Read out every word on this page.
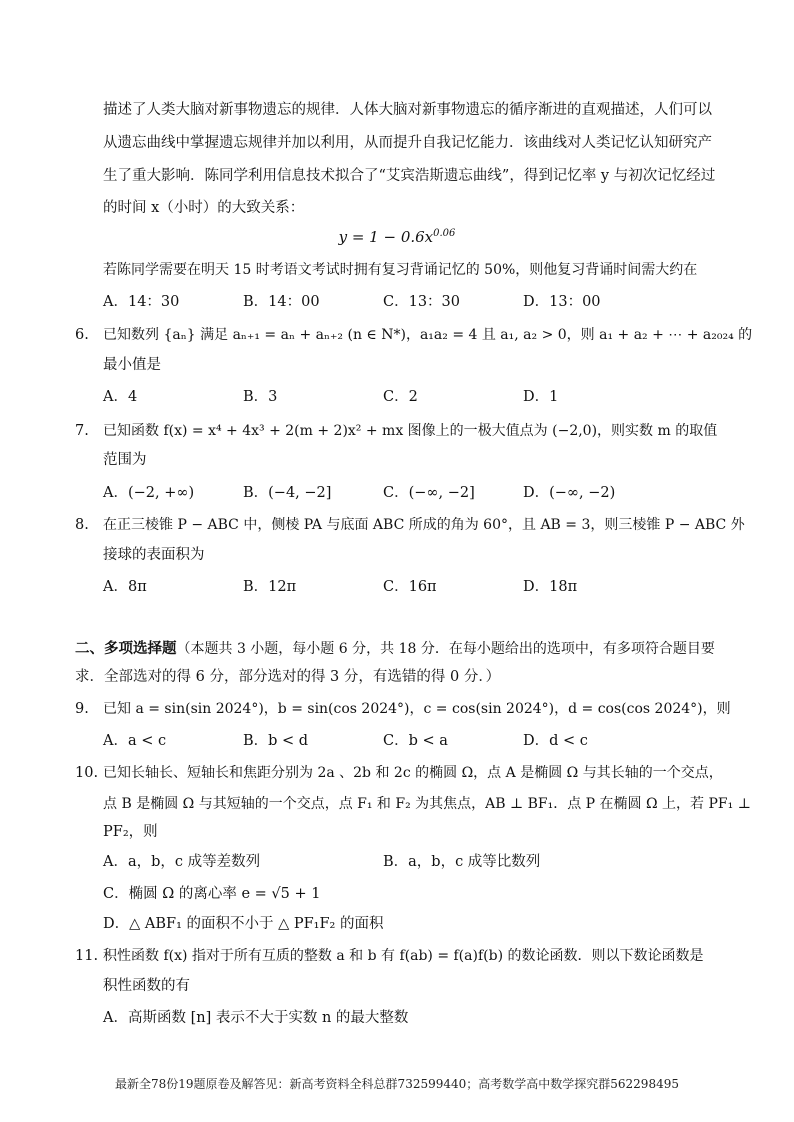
描述了人类大脑对新事物遗忘的规律．人体大脑对新事物遗忘的循序渐进的直观描述，人们可以
从遗忘曲线中掌握遗忘规律并加以利用，从而提升自我记忆能力．该曲线对人类记忆认知研究产
生了重大影响．陈同学利用信息技术拟合了“艾宾浩斯遗忘曲线”，得到记忆率 y 与初次记忆经过
的时间 x（小时）的大致关系：
$y = 1 - 0.6x^{0.06}$
若陈同学需要在明天 15 时考语文考试时拥有复习背诵记忆的 50%，则他复习背诵时间需大约在
A．14：30	B．14：00	C．13：30	D．13：00
6. 已知数列 {aₙ} 满足 aₙ₊₁ = aₙ + aₙ₊₂ (n ∈ N*)，a₁a₂ = 4 且 a₁, a₂ > 0，则 a₁ + a₂ + ⋯ + a₂₀₂₄ 的
最小值是
A．4	B．3	C．2	D．1
7. 已知函数 f(x) = x⁴ + 4x³ + 2(m + 2)x² + mx 图像上的一极大值点为 (−2,0)，则实数 m 的取值
范围为
A．(−2, +∞)	B．(−4, −2]	C．(−∞, −2]	D．(−∞, −2)
8. 在正三棱锥 P − ABC 中，侧棱 PA 与底面 ABC 所成的角为 60°，且 AB = 3，则三棱锥 P − ABC 外
接球的表面积为
A．8π	B．12π	C．16π	D．18π
二、多项选择题（本题共 3 小题，每小题 6 分，共 18 分．在每小题给出的选项中，有多项符合题目要
求．全部选对的得 6 分，部分选对的得 3 分，有选错的得 0 分．）
9. 已知 a = sin(sin 2024°)，b = sin(cos 2024°)，c = cos(sin 2024°)，d = cos(cos 2024°)，则
A．a < c	B．b < d	C．b < a	D．d < c
10. 已知长轴长、短轴长和焦距分别为 2a 、2b 和 2c 的椭圆 Ω，点 A 是椭圆 Ω 与其长轴的一个交点，
点 B 是椭圆 Ω 与其短轴的一个交点，点 F₁ 和 F₂ 为其焦点，AB ⊥ BF₁．点 P 在椭圆 Ω 上，若 PF₁ ⊥
PF₂，则
A．a，b，c 成等差数列	B．a，b，c 成等比数列
C．椭圆 Ω 的离心率 e = √5 + 1
D．△ ABF₁ 的面积不小于 △ PF₁F₂ 的面积
11. 积性函数 f(x) 指对于所有互质的整数 a 和 b 有 f(ab) = f(a)f(b) 的数论函数．则以下数论函数是
积性函数的有
A．高斯函数 [n] 表示不大于实数 n 的最大整数
最新全78份19题原卷及解答见：新高考资料全科总群732599440；高考数学高中数学探究群562298495
